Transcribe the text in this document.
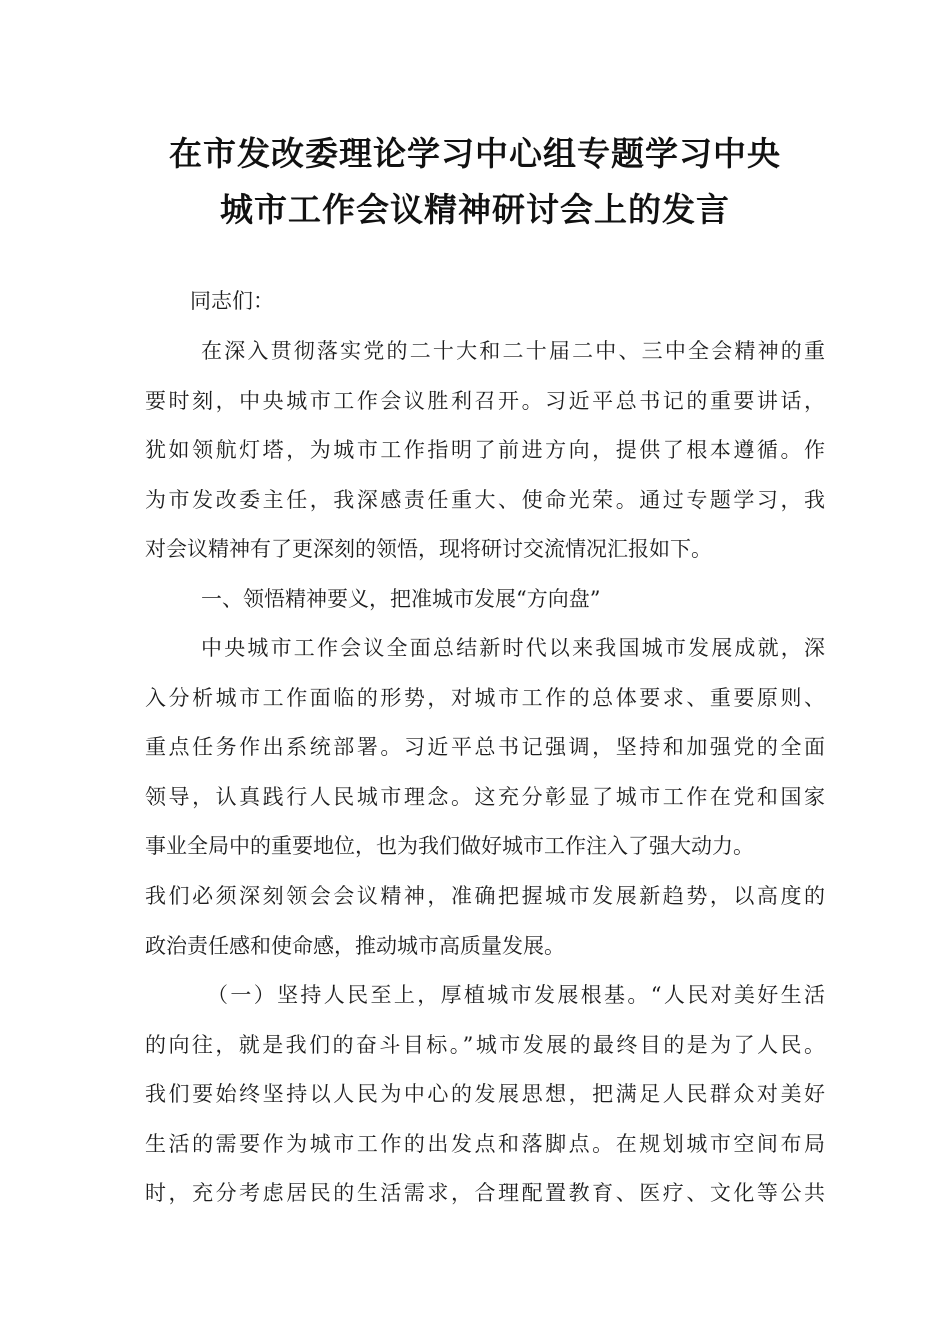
在市发改委理论学习中心组专题学习中央
城市工作会议精神研讨会上的发言
同志们：
在深入贯彻落实党的二十大和二十届二中、三中全会精神的重
要时刻，中央城市工作会议胜利召开。习近平总书记的重要讲话，
犹如领航灯塔，为城市工作指明了前进方向，提供了根本遵循。作
为市发改委主任，我深感责任重大、使命光荣。通过专题学习，我
对会议精神有了更深刻的领悟，现将研讨交流情况汇报如下。
一、领悟精神要义，把准城市发展“方向盘”
中央城市工作会议全面总结新时代以来我国城市发展成就，深
入分析城市工作面临的形势，对城市工作的总体要求、重要原则、
重点任务作出系统部署。习近平总书记强调，坚持和加强党的全面
领导，认真践行人民城市理念。这充分彰显了城市工作在党和国家
事业全局中的重要地位，也为我们做好城市工作注入了强大动力。
我们必须深刻领会会议精神，准确把握城市发展新趋势，以高度的
政治责任感和使命感，推动城市高质量发展。
（一）坚持人民至上，厚植城市发展根基。“人民对美好生活
的向往，就是我们的奋斗目标。”城市发展的最终目的是为了人民。
我们要始终坚持以人民为中心的发展思想，把满足人民群众对美好
生活的需要作为城市工作的出发点和落脚点。在规划城市空间布局
时，充分考虑居民的生活需求，合理配置教育、医疗、文化等公共
